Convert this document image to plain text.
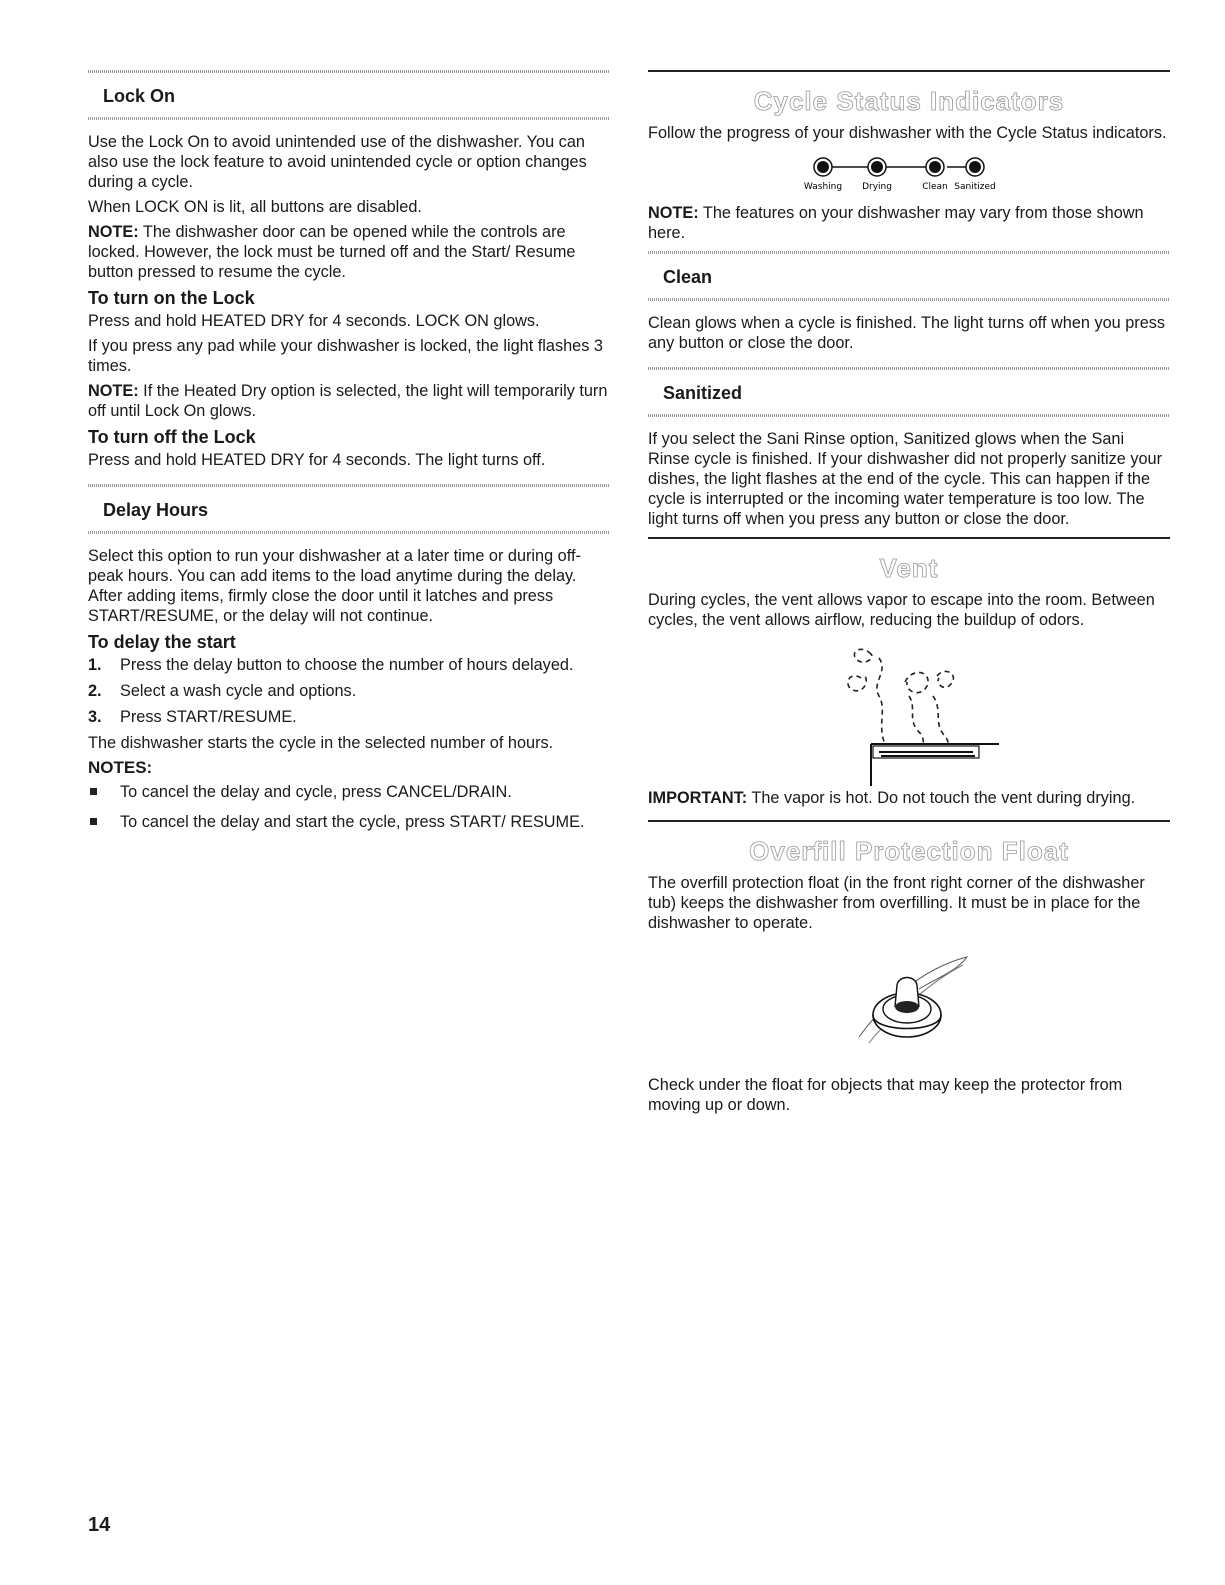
Lock On

Use the Lock On to avoid unintended use of the dishwasher. You can also use the lock feature to avoid unintended cycle or option changes during a cycle.

When LOCK ON is lit, all buttons are disabled.

NOTE: The dishwasher door can be opened while the controls are locked. However, the lock must be turned off and the Start/ Resume button pressed to resume the cycle.

To turn on the Lock

Press and hold HEATED DRY for 4 seconds. LOCK ON glows.

If you press any pad while your dishwasher is locked, the light flashes 3 times.

NOTE: If the Heated Dry option is selected, the light will temporarily turn off until Lock On glows.

To turn off the Lock

Press and hold HEATED DRY for 4 seconds. The light turns off.

Delay Hours

Select this option to run your dishwasher at a later time or during off-peak hours. You can add items to the load anytime during the delay. After adding items, firmly close the door until it latches and press START/RESUME, or the delay will not continue.

To delay the start
1. Press the delay button to choose the number of hours delayed.
2. Select a wash cycle and options.
3. Press START/RESUME.

The dishwasher starts the cycle in the selected number of hours.

NOTES:
To cancel the delay and cycle, press CANCEL/DRAIN.
To cancel the delay and start the cycle, press START/ RESUME.
Cycle Status Indicators

Follow the progress of your dishwasher with the Cycle Status indicators.

Washing Drying	Clean Sanitized

NOTE: The features on your dishwasher may vary from those shown here.

Clean

Clean glows when a cycle is finished. The light turns off when you press any button or close the door.

Sanitized

If you select the Sani Rinse option, Sanitized glows when the Sani Rinse cycle is finished. If your dishwasher did not properly sanitize your dishes, the light flashes at the end of the cycle. This can happen if the cycle is interrupted or the incoming water temperature is too low. The light turns off when you press any button or close the door.

Vent

During cycles, the vent allows vapor to escape into the room. Between cycles, the vent allows airflow, reducing the buildup of odors.

IMPORTANT: The vapor is hot. Do not touch the vent during drying.

Overfill Protection Float

The overfill protection float (in the front right corner of the dishwasher tub) keeps the dishwasher from overfilling. It must be in place for the dishwasher to operate.

Check under the float for objects that may keep the protector from moving up or down.

14
